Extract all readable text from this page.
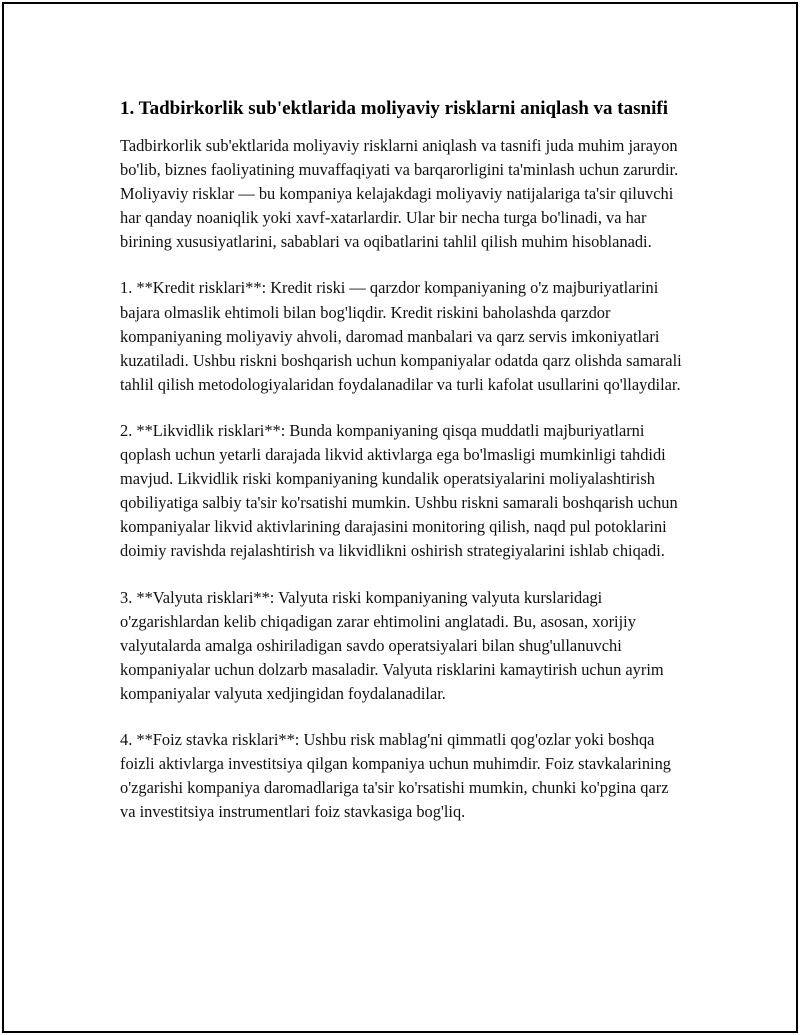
1. Tadbirkorlik sub'ektlarida moliyaviy risklarni aniqlash va tasnifi

Tadbirkorlik sub'ektlarida moliyaviy risklarni aniqlash va tasnifi juda muhim jarayon bo'lib, biznes faoliyatining muvaffaqiyati va barqarorligini ta'minlash uchun zarurdir. Moliyaviy risklar — bu kompaniya kelajakdagi moliyaviy natijalariga ta'sir qiluvchi har qanday noaniqlik yoki xavf-xatarlardir. Ular bir necha turga bo'linadi, va har birining xususiyatlarini, sabablari va oqibatlarini tahlil qilish muhim hisoblanadi.

1. **Kredit risklari**: Kredit riski — qarzdor kompaniyaning o'z majburiyatlarini bajara olmaslik ehtimoli bilan bog'liqdir. Kredit riskini baholashda qarzdor kompaniyaning moliyaviy ahvoli, daromad manbalari va qarz servis imkoniyatlari kuzatiladi. Ushbu riskni boshqarish uchun kompaniyalar odatda qarz olishda samarali tahlil qilish metodologiyalaridan foydalanadilar va turli kafolat usullarini qo'llaydilar.

2. **Likvidlik risklari**: Bunda kompaniyaning qisqa muddatli majburiyatlarni qoplash uchun yetarli darajada likvid aktivlarga ega bo'lmasligi mumkinligi tahdidi mavjud. Likvidlik riski kompaniyaning kundalik operatsiyalarini moliyalashtirish qobiliyatiga salbiy ta'sir ko'rsatishi mumkin. Ushbu riskni samarali boshqarish uchun kompaniyalar likvid aktivlarining darajasini monitoring qilish, naqd pul potoklarini doimiy ravishda rejalashtirish va likvidlikni oshirish strategiyalarini ishlab chiqadi.

3. **Valyuta risklari**: Valyuta riski kompaniyaning valyuta kurslaridagi o'zgarishlardan kelib chiqadigan zarar ehtimolini anglatadi. Bu, asosan, xorijiy valyutalarda amalga oshiriladigan savdo operatsiyalari bilan shug'ullanuvchi kompaniyalar uchun dolzarb masaladir. Valyuta risklarini kamaytirish uchun ayrim kompaniyalar valyuta xedjingidan foydalanadilar.

4. **Foiz stavka risklari**: Ushbu risk mablag'ni qimmatli qog'ozlar yoki boshqa foizli aktivlarga investitsiya qilgan kompaniya uchun muhimdir. Foiz stavkalarining o'zgarishi kompaniya daromadlariga ta'sir ko'rsatishi mumkin, chunki ko'pgina qarz va investitsiya instrumentlari foiz stavkasiga bog'liq.
